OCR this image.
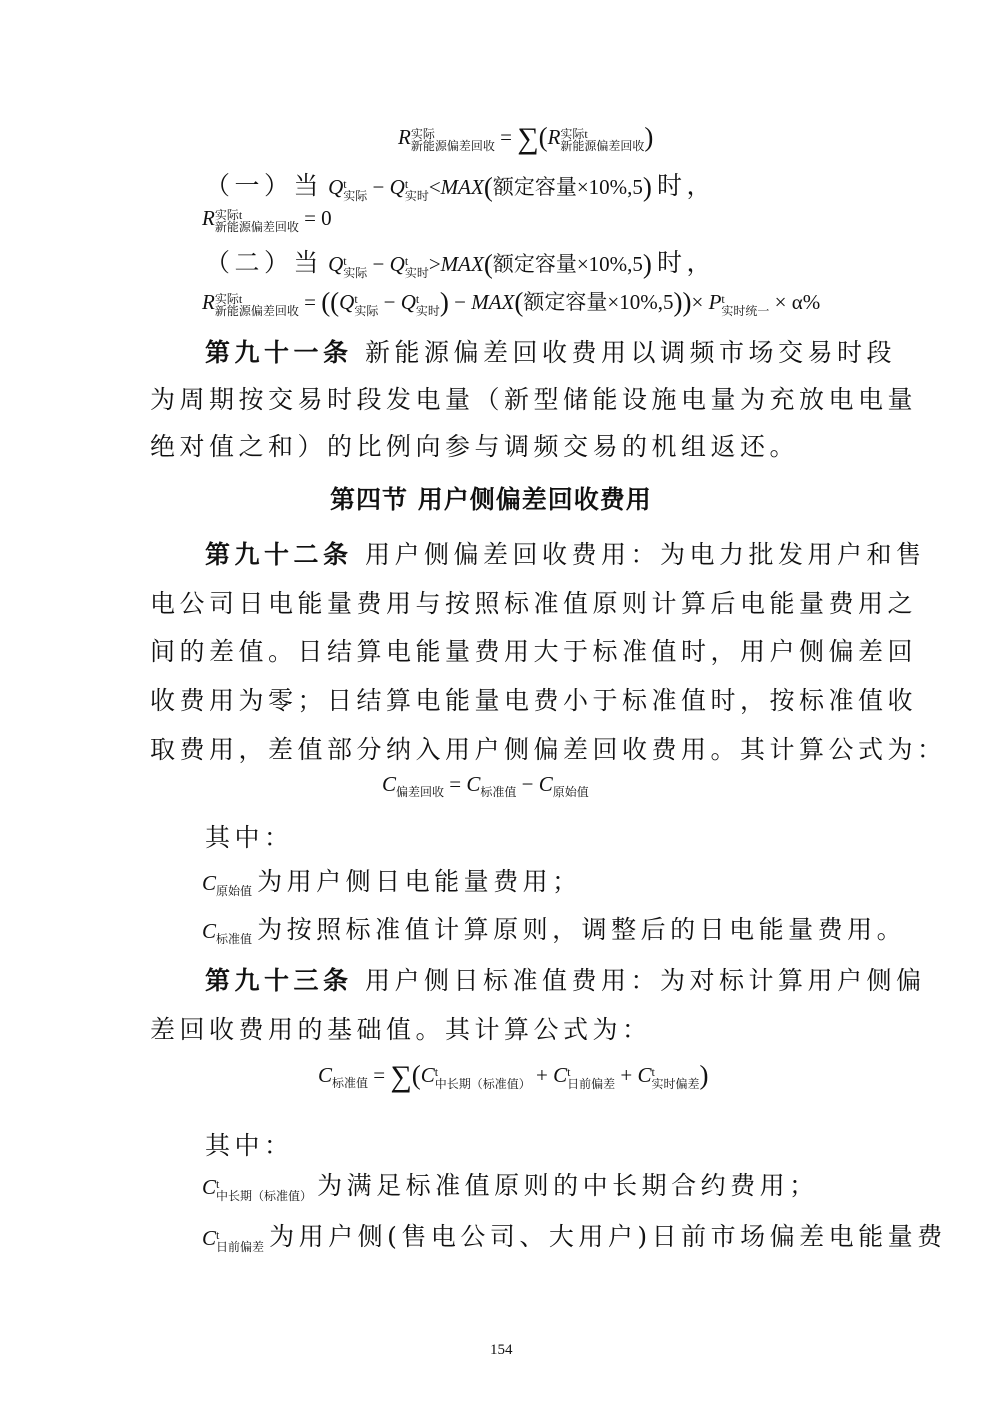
R 实际
新能源偏差回收 = ∑(R 实际t
新能源偏差回收 )
（一）当 Q t
实际 − Q t
实时 <MAX(额定容量×10%,5) 时，
R 实际t
新能源偏差回收 = 0
（二）当 Q t
实际 − Q t
实时 >MAX(额定容量×10%,5) 时，
R 实际t
新能源偏差回收 = ((Q t
实际 − Q t
实时 ) − MAX(额定容量×10%,5))× P t
实时统一 × α%
第九十一条 新能源偏差回收费用以调频市场交易时段
为周期按交易时段发电量（新型储能设施电量为充放电电量
绝对值之和）的比例向参与调频交易的机组返还。
第四节 用户侧偏差回收费用
第九十二条 用户侧偏差回收费用：为电力批发用户和售
电公司日电能量费用与按照标准值原则计算后电能量费用之
间的差值。日结算电能量费用大于标准值时，用户侧偏差回
收费用为零；日结算电能量电费小于标准值时，按标准值收
取费用，差值部分纳入用户侧偏差回收费用。其计算公式为：
$C_{偏差回收} = C_{标准值} - C_{原始值}$
其中：
$C_{原始值}$ 为用户侧日电能量费用；
$C_{标准值}$ 为按照标准值计算原则，调整后的日电能量费用。
第九十三条 用户侧日标准值费用：为对标计算用户侧偏
差回收费用的基础值。其计算公式为：
$C_{标准值} = \sum(C$ t
中长期（标准值） + C t
日前偏差 + C t
实时偏差 )
其中：
C t
中长期（标准值） 为满足标准值原则的中长期合约费用；
C t
日前偏差 为用户侧(售电公司、大用户)日前市场偏差电能量费
154
